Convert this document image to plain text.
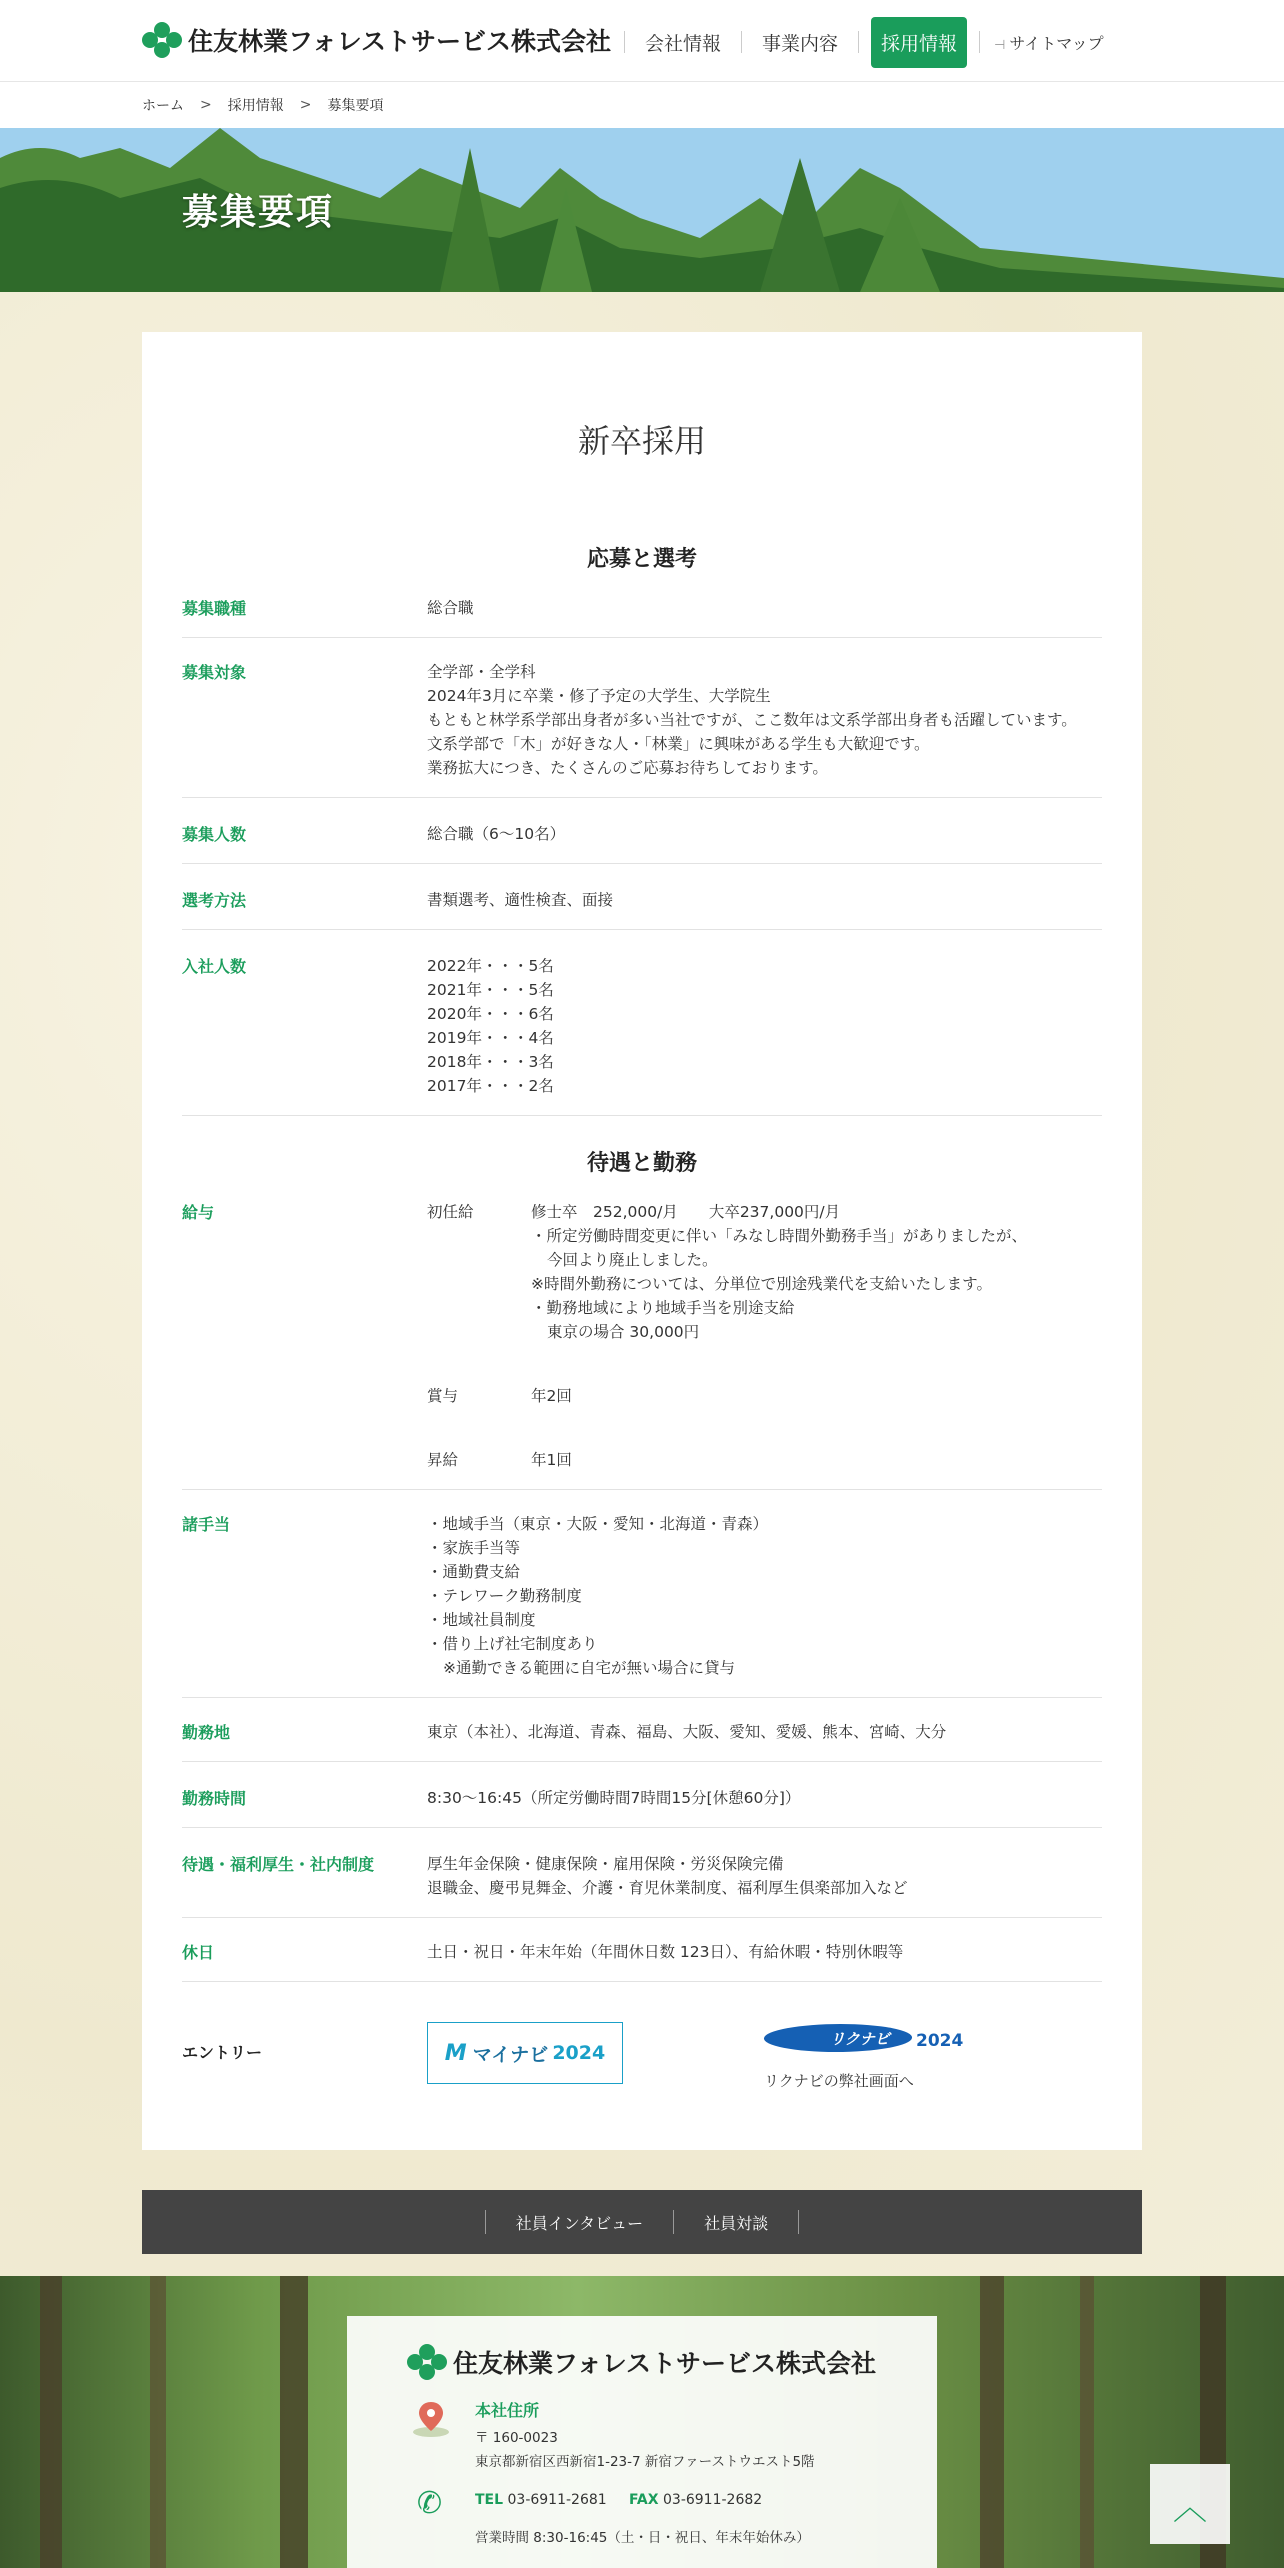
住友林業フォレストサービス株式会社	会社情報	事業内容	採用情報	⊣ サイトマップ
ホーム > 採用情報 > 募集要項
募集要項
新卒採用
応募と選考
募集職種	総合職
募集対象	全学部・全学科
2024年3月に卒業・修了予定の大学生、大学院生
もともと林学系学部出身者が多い当社ですが、ここ数年は文系学部出身者も活躍しています。
文系学部で「木」が好きな人・「林業」に興味がある学生も大歓迎です。
業務拡大につき、たくさんのご応募お待ちしております。
募集人数	総合職（6～10名）
選考方法	書類選考、適性検査、面接
入社人数	2022年・・・5名
2021年・・・5名
2020年・・・6名
2019年・・・4名
2018年・・・3名
2017年・・・2名
待遇と勤務
給与	初任給	修士卒　252,000/月　　大卒237,000円/月
・所定労働時間変更に伴い「みなし時間外勤務手当」がありましたが、
今回より廃止しました。
※時間外勤務については、分単位で別途残業代を支給いたします。
・勤務地域により地域手当を別途支給
東京の場合 30,000円
賞与	年2回
昇給	年1回
諸手当	・地域手当（東京・大阪・愛知・北海道・青森）
・家族手当等
・通勤費支給
・テレワーク勤務制度
・地域社員制度
・借り上げ社宅制度あり
※通勤できる範囲に自宅が無い場合に貸与
勤務地	東京（本社）、北海道、青森、福島、大阪、愛知、愛媛、熊本、宮崎、大分
勤務時間	8:30～16:45（所定労働時間7時間15分[休憩60分]）
待遇・福利厚生・社内制度	厚生年金保険・健康保険・雇用保険・労災保険完備
退職金、慶弔見舞金、介護・育児休業制度、福利厚生倶楽部加入など
休日	土日・祝日・年末年始（年間休日数 123日）、有給休暇・特別休暇等
エントリー	M マイナビ 2024
リクナビ 2024
リクナビの弊社画面へ
社員インタビュー	社員対談
住友林業フォレストサービス株式会社
本社住所
〒 160-0023
東京都新宿区西新宿1-23-7 新宿ファーストウエスト5階
✆ TEL 03-6911-2681 FAX 03-6911-2682
営業時間 8:30-16:45（土・日・祝日、年末年始休み）
︿
